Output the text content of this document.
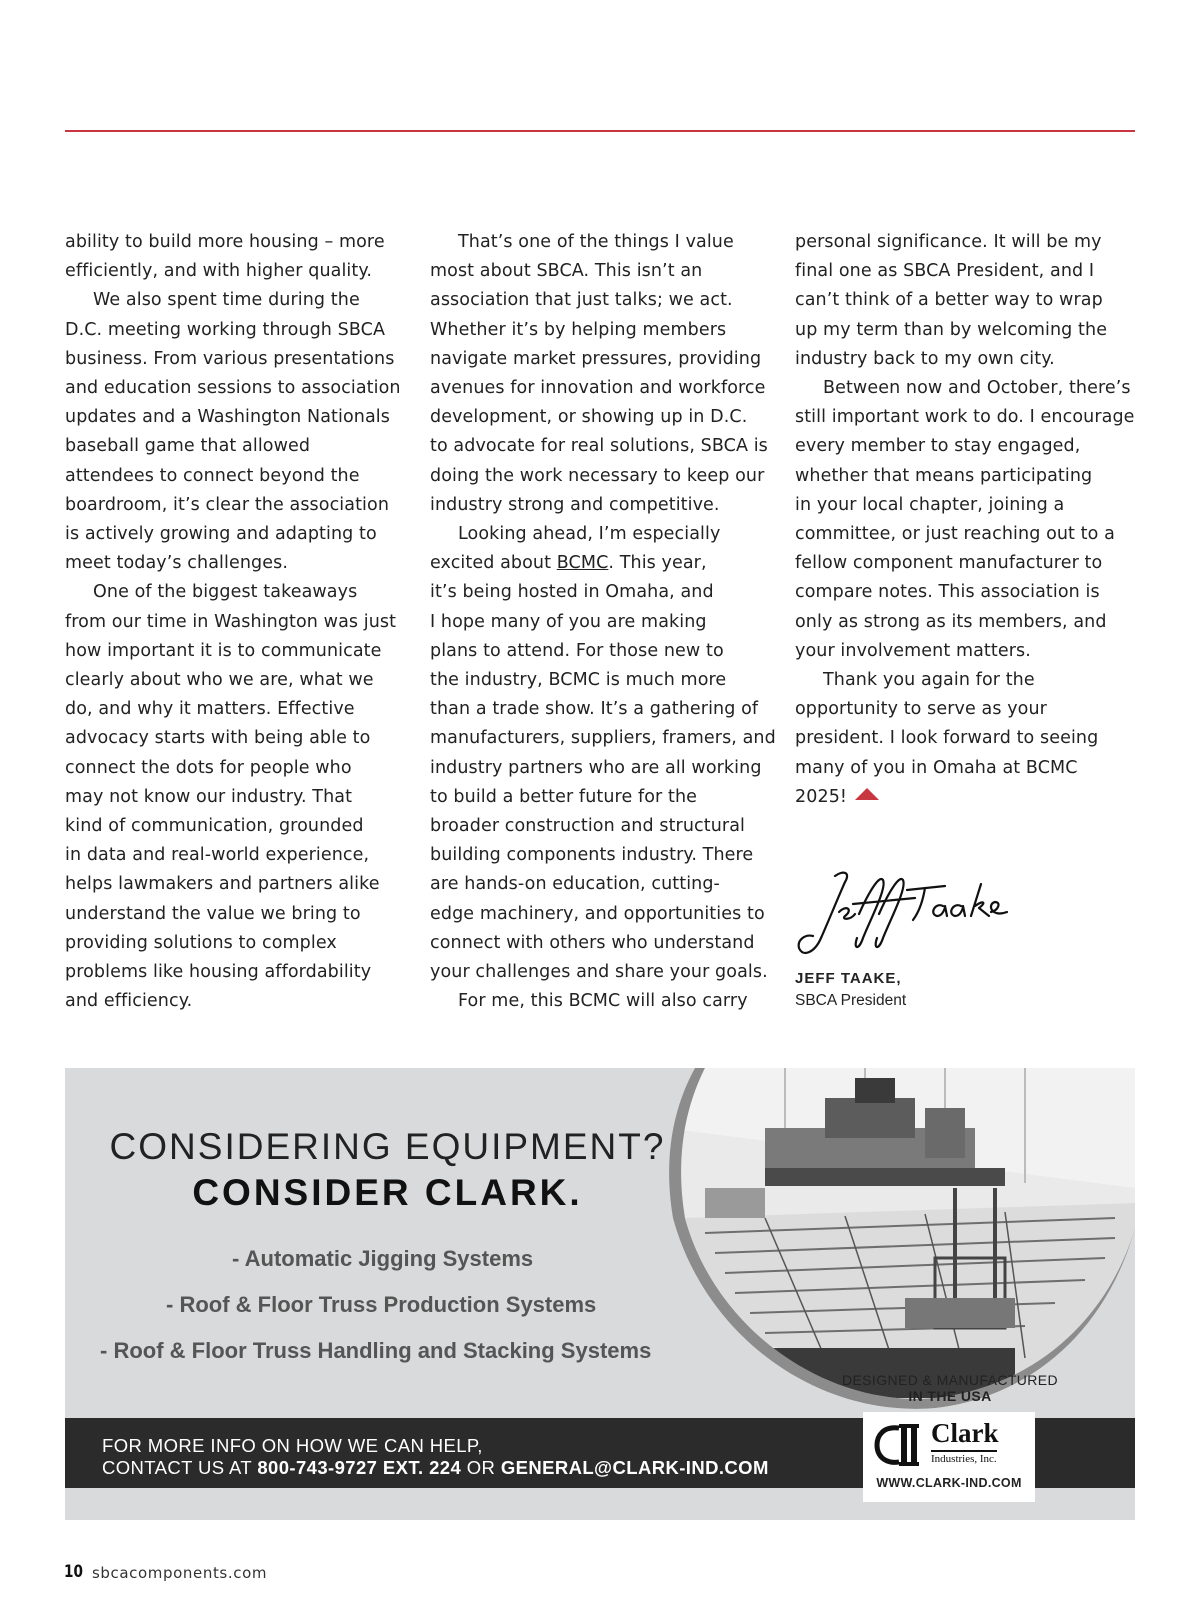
ability to build more housing – more
efficiently, and with higher quality.
We also spent time during the
D.C. meeting working through SBCA
business. From various presentations
and education sessions to association
updates and a Washington Nationals
baseball game that allowed
attendees to connect beyond the
boardroom, it’s clear the association
is actively growing and adapting to
meet today’s challenges.
One of the biggest takeaways
from our time in Washington was just
how important it is to communicate
clearly about who we are, what we
do, and why it matters. Effective
advocacy starts with being able to
connect the dots for people who
may not know our industry. That
kind of communication, grounded
in data and real-world experience,
helps lawmakers and partners alike
understand the value we bring to
providing solutions to complex
problems like housing affordability
and efficiency.
That’s one of the things I value
most about SBCA. This isn’t an
association that just talks; we act.
Whether it’s by helping members
navigate market pressures, providing
avenues for innovation and workforce
development, or showing up in D.C.
to advocate for real solutions, SBCA is
doing the work necessary to keep our
industry strong and competitive.
Looking ahead, I’m especially
excited about BCMC. This year,
it’s being hosted in Omaha, and
I hope many of you are making
plans to attend. For those new to
the industry, BCMC is much more
than a trade show. It’s a gathering of
manufacturers, suppliers, framers, and
industry partners who are all working
to build a better future for the
broader construction and structural
building components industry. There
are hands-on education, cutting-
edge machinery, and opportunities to
connect with others who understand
your challenges and share your goals.
For me, this BCMC will also carry
personal significance. It will be my
final one as SBCA President, and I
can’t think of a better way to wrap
up my term than by welcoming the
industry back to my own city.
Between now and October, there’s
still important work to do. I encourage
every member to stay engaged,
whether that means participating
in your local chapter, joining a
committee, or just reaching out to a
fellow component manufacturer to
compare notes. This association is
only as strong as its members, and
your involvement matters.
Thank you again for the
opportunity to serve as your
president. I look forward to seeing
many of you in Omaha at BCMC
2025!
JEFF TAAKE,
SBCA President
CONSIDERING EQUIPMENT?
CONSIDER CLARK.
- Automatic Jigging Systems
- Roof & Floor Truss Production Systems
- Roof & Floor Truss Handling and Stacking Systems
DESIGNED & MANUFACTURED
IN THE USA
FOR MORE INFO ON HOW WE CAN HELP,
CONTACT US AT 800-743-9727 EXT. 224 OR GENERAL@CLARK-IND.COM
Clark
Industries, Inc.
WWW.CLARK-IND.COM
10 sbcacomponents.com
